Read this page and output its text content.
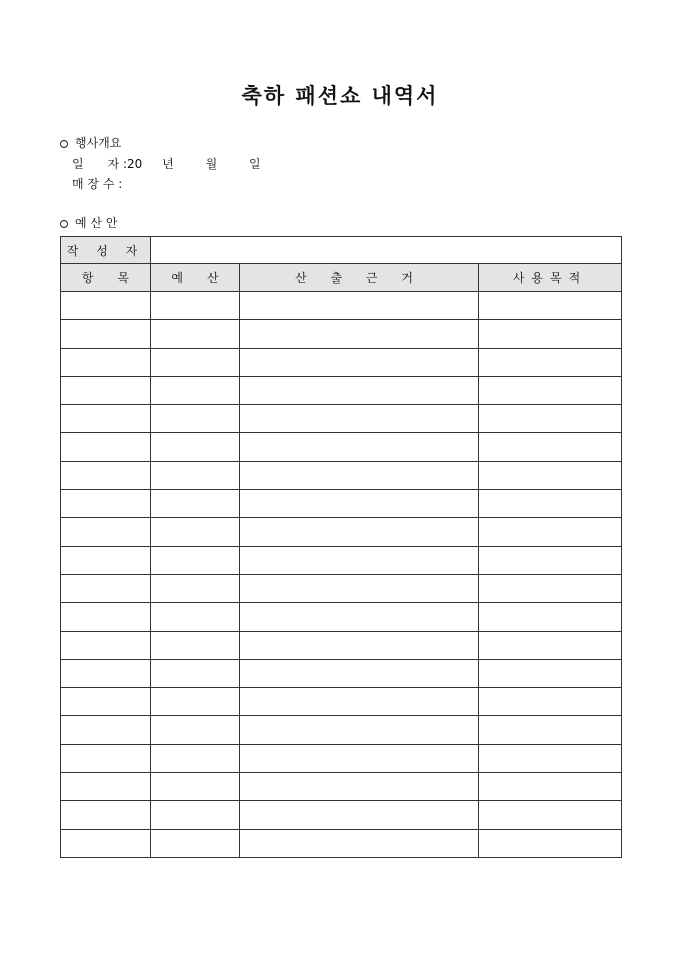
축하 패션쇼 내역서
행사개요
일　　자 :20 년	월	일
매 장 수 :
예 산 안
작 성 자			
항　　목	예　　산	산 출 근 거	사용목적
